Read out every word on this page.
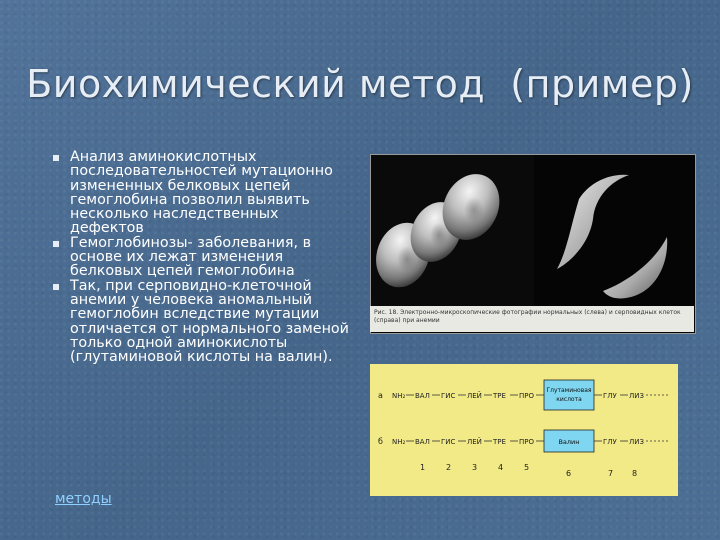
Биохимический метод  (пример)
Анализ аминокислотных последовательностей мутационно измененных белковых цепей гемоглобина позволил выявить несколько наследственных дефектов
Гемоглобинозы- заболевания, в основе их лежат изменения белковых цепей гемоглобина
Так, при серповидно-клеточной анемии у человека аномальный гемоглобин вследствие мутации отличается от нормального заменой только одной аминокислоты (глутаминовой кислоты на валин).
методы
Рис. 18. Электронно-микроскопические фотографии нормальных (слева) и серповидных клеток (справа) при анемии
a NH₂ ВАЛ ГИС ЛЕЙ ТРЕ ПРО
Глутаминовая
кислота	ГЛУ ЛИЗ
б NH₂ ВАЛ ГИС ЛЕЙ ТРЕ ПРО	Валин	ГЛУ ЛИЗ
1	2	3	4	5
6	7 8
